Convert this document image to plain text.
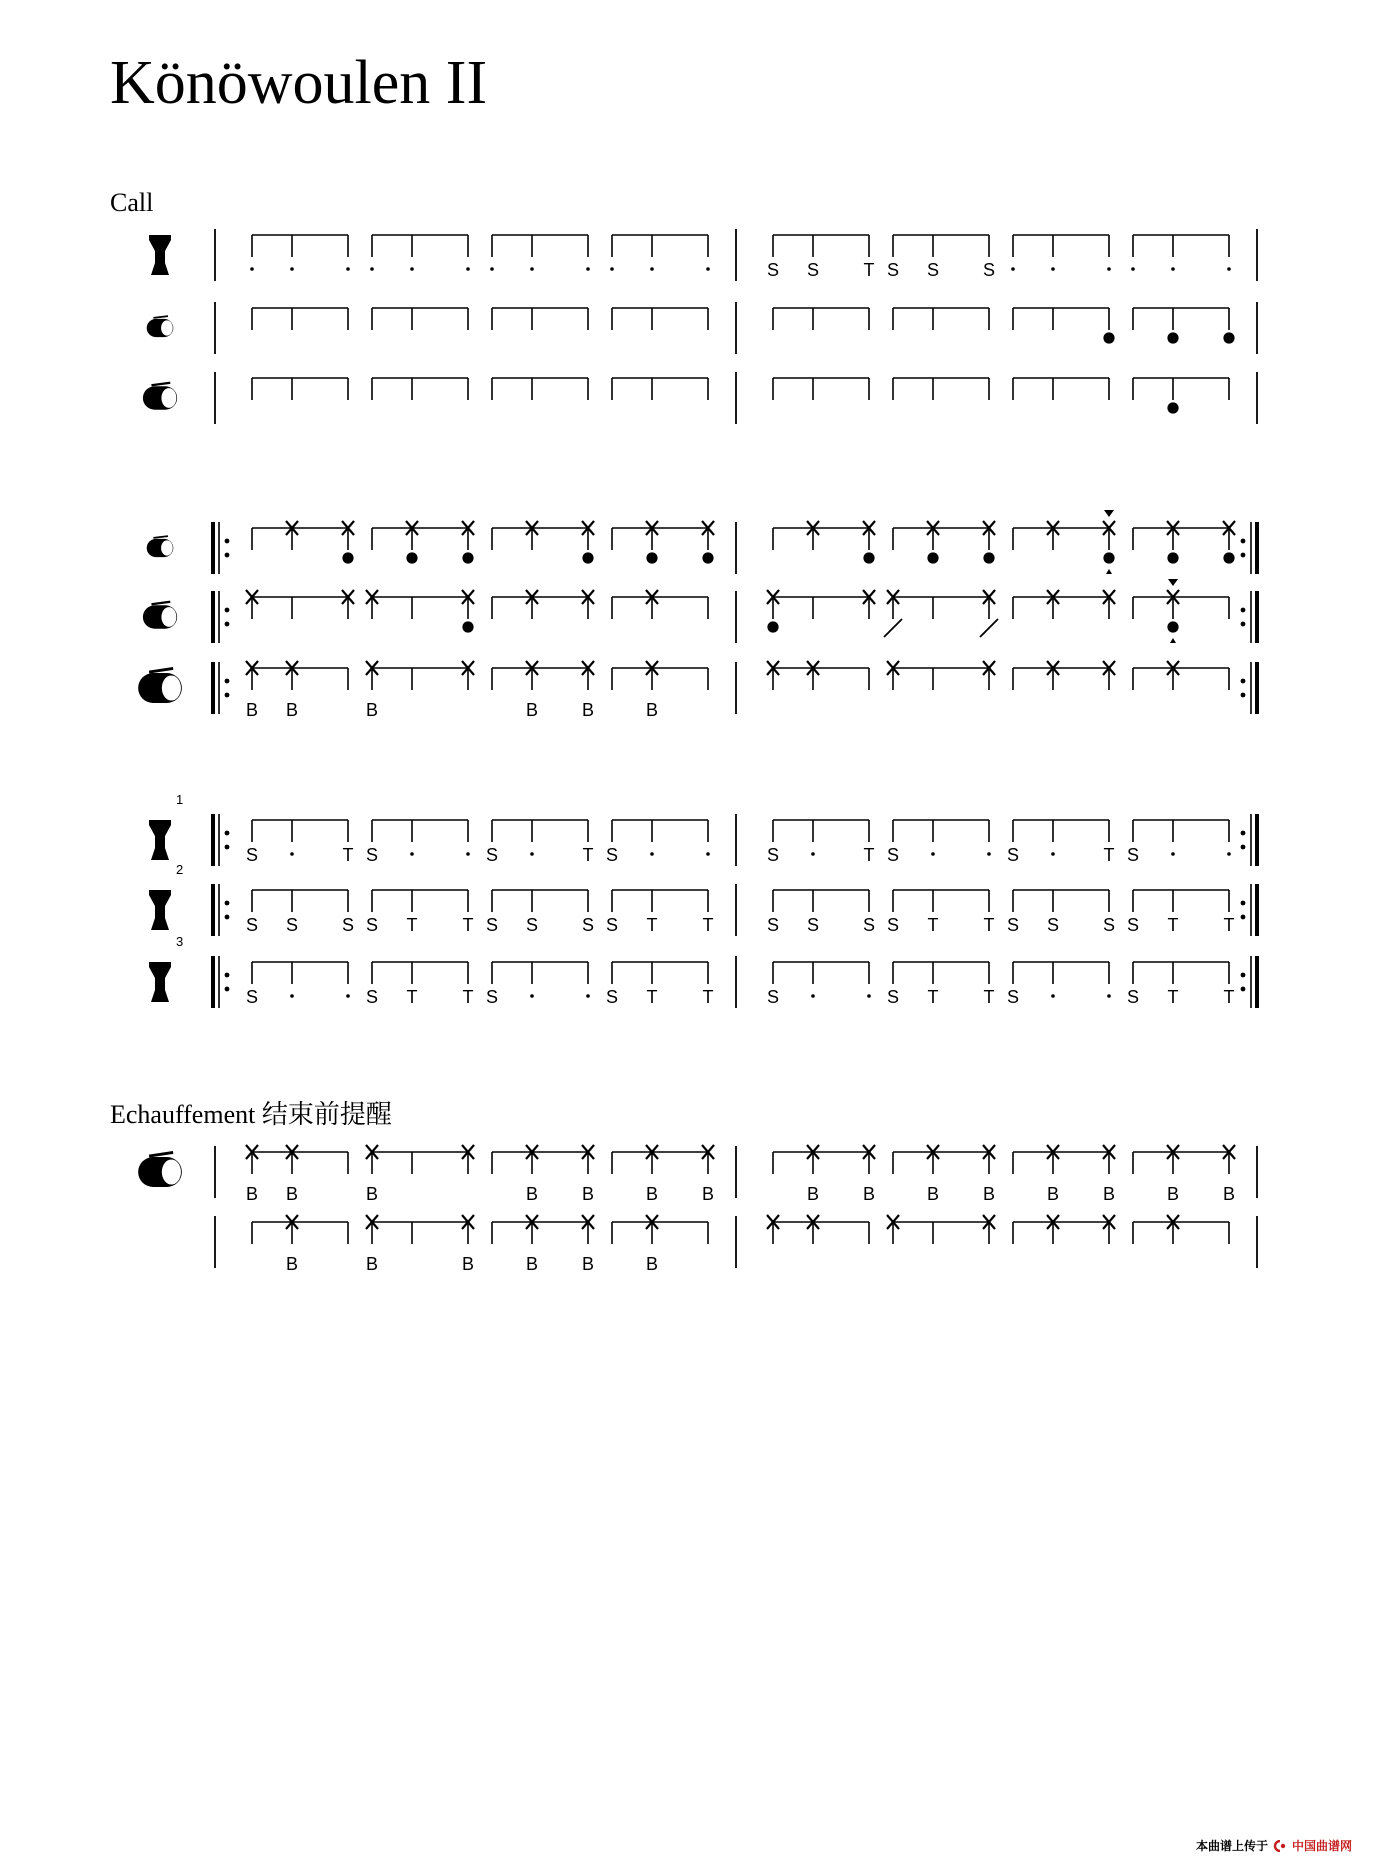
Könöwoulen II
Call
Echauffement 结束前提醒
S S T S S S
B B	B	B B	B
1
S	T S	S	T S	S	T S	S	T S
2
S S S S T	T S S S S T	T	S S S S T	T S S S S T	T
3
S	S T	T S	S T	T	S	S T	T S	S T	T
B B	B	B B	B B	B B	B B	B B	B B
B	B	B	B B	B
本曲谱上传于 中国曲谱网
